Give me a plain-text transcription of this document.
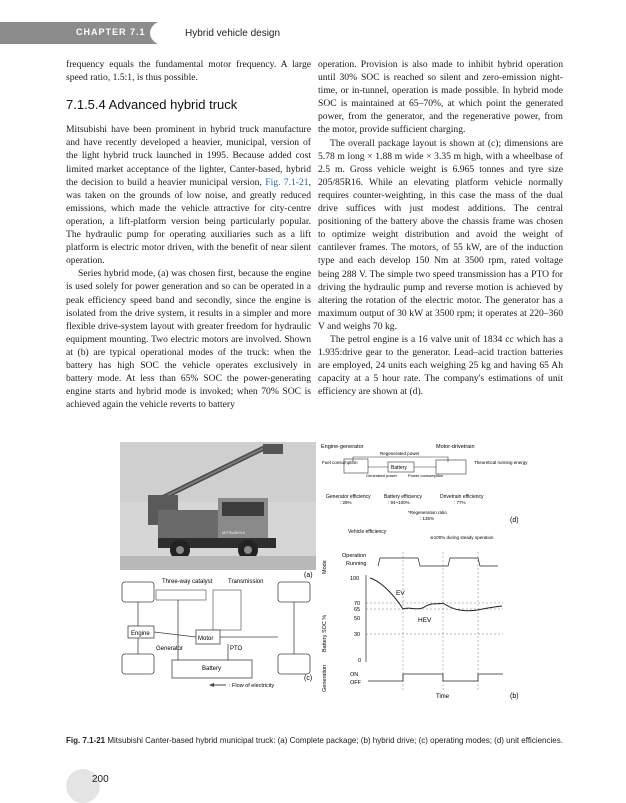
CHAPTER 7.1	Hybrid vehicle design

frequency equals the fundamental motor frequency. A large speed ratio, 1.5:1, is thus possible.

7.1.5.4 Advanced hybrid truck

Mitsubishi have been prominent in hybrid truck manufacture and have recently developed a heavier, municipal, version of the light hybrid truck launched in 1995. Because added cost limited market acceptance of the lighter, Canter-based, hybrid the decision to build a heavier municipal version, Fig. 7.1-21, was taken on the grounds of low noise, and greatly reduced emissions, which made the vehicle attractive for city-centre operation, a lift-platform version being particularly popular. The hydraulic pump for operating auxiliaries such as a lift platform is electric motor driven, with the benefit of near silent operation.

Series hybrid mode, (a) was chosen first, because the engine is used solely for power generation and so can be operated in a peak efficiency speed band and secondly, since the engine is isolated from the drive system, it results in a simpler and more flexible drive-system layout with greater freedom for hydraulic equipment mounting. Two electric motors are involved. Shown at (b) are typical operational modes of the truck: when the battery has high SOC the vehicle operates exclusively in battery mode. At less than 65% SOC the power-generating engine starts and hybrid mode is invoked; when 70% SOC is achieved again the vehicle reverts to battery

operation. Provision is also made to inhibit hybrid operation until 30% SOC is reached so silent and zero-emission night-time, or in-tunnel, operation is made possible. In hybrid mode SOC is maintained at 65–70%, at which point the generated power, from the generator, and the regenerative power, from the motor, provide sufficient charging.

The overall package layout is shown at (c); dimensions are 5.78 m long × 1.88 m wide × 3.35 m high, with a wheelbase of 2.5 m. Gross vehicle weight is 6.965 tonnes and tyre size 205/85R16. While an elevating platform vehicle normally requires counter-weighting, in this case the mass of the dual drive suffices with just modest additions. The central positioning of the battery above the chassis frame was chosen to optimize weight distribution and avoid the weight of cantilever frames. The motors, of 55 kW, are of the induction type and each develop 150 Nm at 3500 rpm, rated voltage being 288 V. The simple two speed transmission has a PTO for driving the hydraulic pump and reverse motion is achieved by altering the rotation of the electric motor. The generator has a maximum output of 30 kW at 3500 rpm; it operates at 220–360 V and weighs 70 kg.

The petrol engine is a 16 valve unit of 1834 cc which has a 1.935:drive gear to the generator. Lead–acid traction batteries are employed, 24 units each weighing 25 kg and having 65 Ah capacity at a 5 hour rate. The company's estimations of unit efficiency are shown at (d).

MITSUBISHI
(a)
Engine-generator	Motor-drivetrain
Regenerated power
Fuel consumption
Battery
Theoretical running energy
Generated power	Power consumption
Generator efficiency
: 28%
Battery efficiency
: 94~100%
Drivetrain efficiency
: 77%
*Regeneration ratio
: 135%
Vehicle efficiency
※100% during steady operation
(d)
Three-way catalyst	Transmission
Engine
Motor
Generator	PTO
Battery
: Flow of electricity
(c)
Mode
Operation
Running
Battery SOC %
100
70
65
50
30
0
EV
HEV
Generation	ON
OFF
Time	(b)
Fig. 7.1-21 Mitsubishi Canter-based hybrid municipal truck: (a) Complete package; (b) hybrid drive; (c) operating modes; (d) unit efficiencies.
200
